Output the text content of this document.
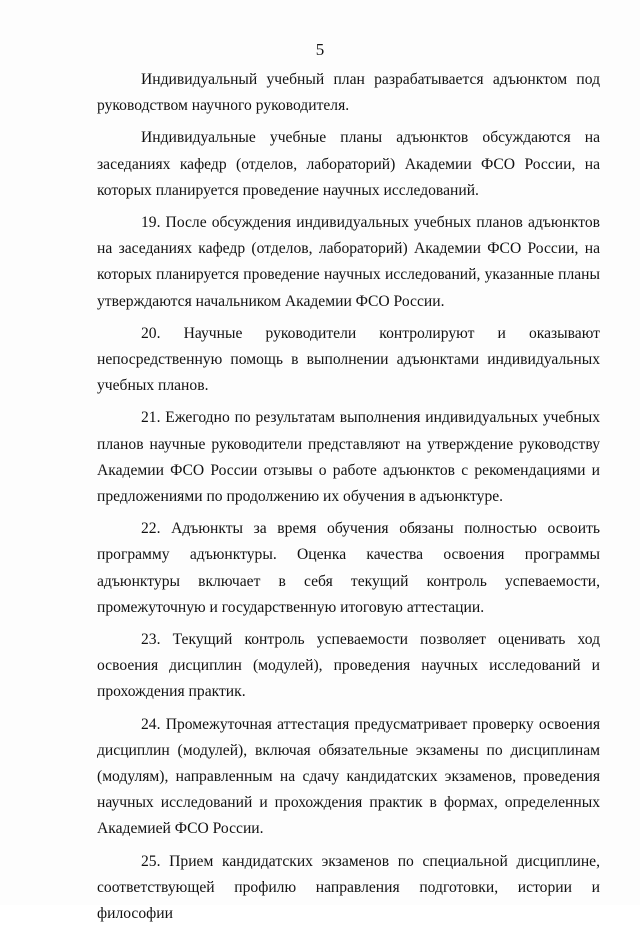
5

Индивидуальный учебный план разрабатывается адъюнктом под руководством научного руководителя.

Индивидуальные учебные планы адъюнктов обсуждаются на заседаниях кафедр (отделов, лабораторий) Академии ФСО России, на которых планируется проведение научных исследований.

19. После обсуждения индивидуальных учебных планов адъюнктов на заседаниях кафедр (отделов, лабораторий) Академии ФСО России, на которых планируется проведение научных исследований, указанные планы утверждаются начальником Академии ФСО России.

20. Научные руководители контролируют и оказывают непосредственную помощь в выполнении адъюнктами индивидуальных учебных планов.

21. Ежегодно по результатам выполнения индивидуальных учебных планов научные руководители представляют на утверждение руководству Академии ФСО России отзывы о работе адъюнктов с рекомендациями и предложениями по продолжению их обучения в адъюнктуре.

22. Адъюнкты за время обучения обязаны полностью освоить программу адъюнктуры. Оценка качества освоения программы адъюнктуры включает в себя текущий контроль успеваемости, промежуточную и государственную итоговую аттестации.

23. Текущий контроль успеваемости позволяет оценивать ход освоения дисциплин (модулей), проведения научных исследований и прохождения практик.

24. Промежуточная аттестация предусматривает проверку освоения дисциплин (модулей), включая обязательные экзамены по дисциплинам (модулям), направленным на сдачу кандидатских экзаменов, проведения научных исследований и прохождения практик в формах, определенных Академией ФСО России.

25. Прием кандидатских экзаменов по специальной дисциплине, соответствующей профилю направления подготовки, истории и философии
